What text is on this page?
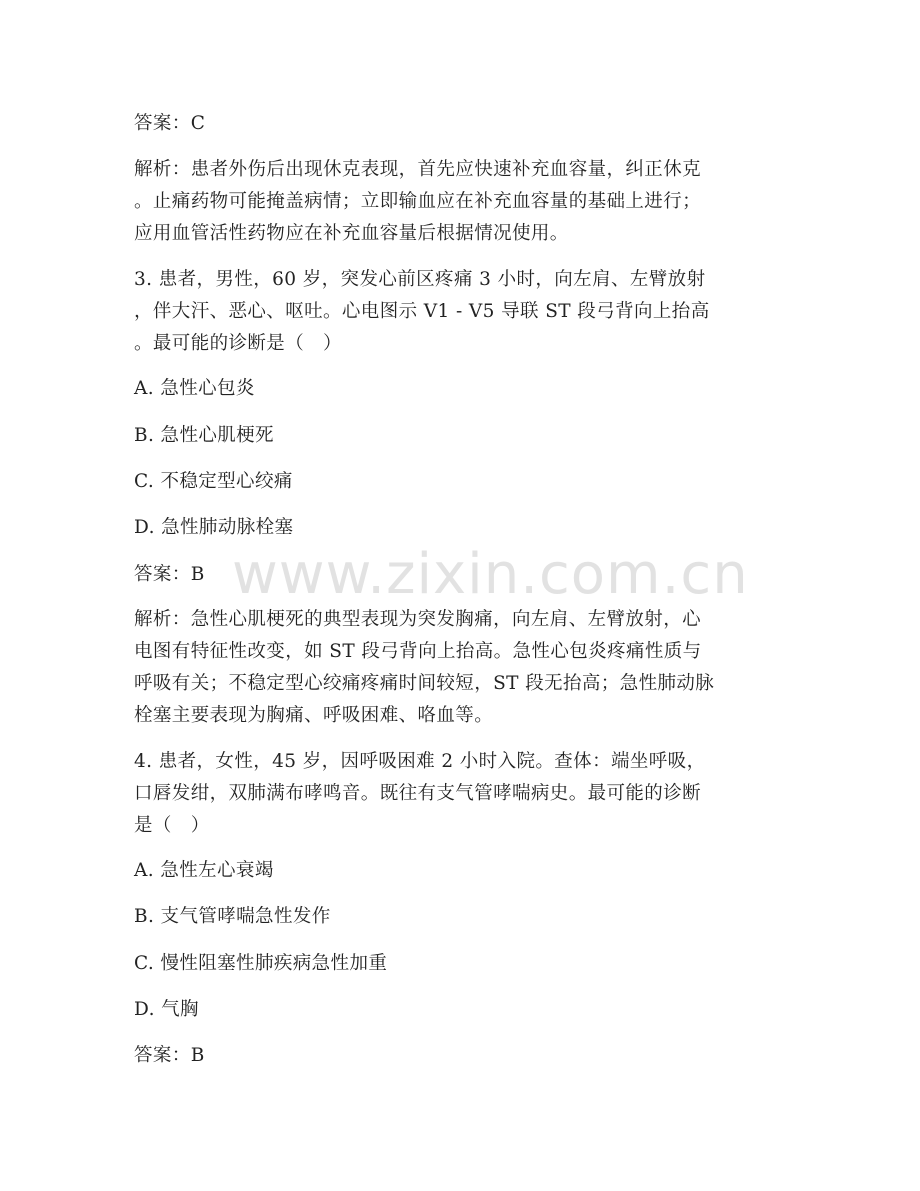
www.zixin.com.cn
答案：C
解析：患者外伤后出现休克表现，首先应快速补充血容量，纠正休克
。止痛药物可能掩盖病情；立即输血应在补充血容量的基础上进行；
应用血管活性药物应在补充血容量后根据情况使用。
3. 患者，男性，60 岁，突发心前区疼痛 3 小时，向左肩、左臂放射
，伴大汗、恶心、呕吐。心电图示 V1 - V5 导联 ST 段弓背向上抬高
。最可能的诊断是（　）
A. 急性心包炎
B. 急性心肌梗死
C. 不稳定型心绞痛
D. 急性肺动脉栓塞
答案：B
解析：急性心肌梗死的典型表现为突发胸痛，向左肩、左臂放射，心
电图有特征性改变，如 ST 段弓背向上抬高。急性心包炎疼痛性质与
呼吸有关；不稳定型心绞痛疼痛时间较短，ST 段无抬高；急性肺动脉
栓塞主要表现为胸痛、呼吸困难、咯血等。
4. 患者，女性，45 岁，因呼吸困难 2 小时入院。查体：端坐呼吸，
口唇发绀，双肺满布哮鸣音。既往有支气管哮喘病史。最可能的诊断
是（　）
A. 急性左心衰竭
B. 支气管哮喘急性发作
C. 慢性阻塞性肺疾病急性加重
D. 气胸
答案：B
